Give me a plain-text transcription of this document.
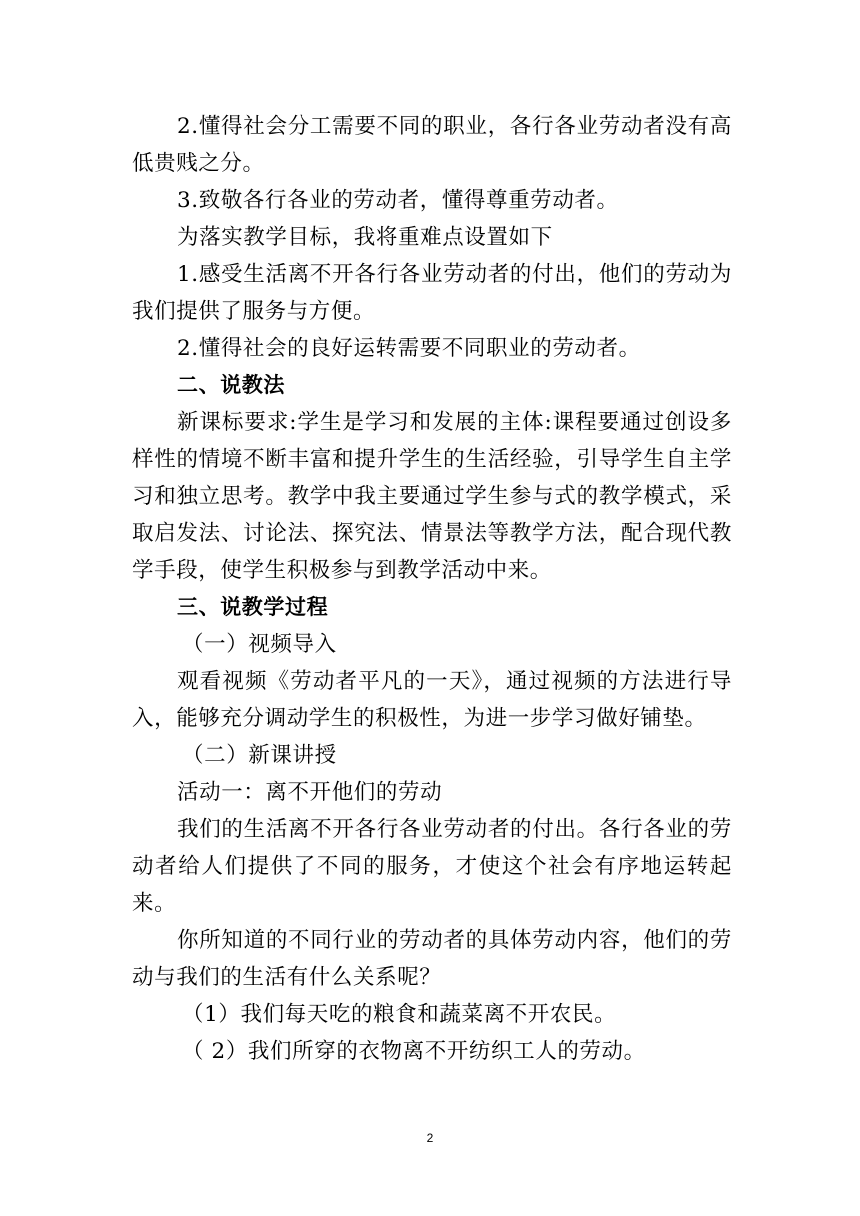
2.懂得社会分工需要不同的职业，各行各业劳动者没有高低贵贱之分。

3.致敬各行各业的劳动者，懂得尊重劳动者。

为落实教学目标，我将重难点设置如下

1.感受生活离不开各行各业劳动者的付出，他们的劳动为我们提供了服务与方便。

2.懂得社会的良好运转需要不同职业的劳动者。

二、说教法

新课标要求:学生是学习和发展的主体:课程要通过创设多样性的情境不断丰富和提升学生的生活经验，引导学生自主学习和独立思考。教学中我主要通过学生参与式的教学模式，采取启发法、讨论法、探究法、情景法等教学方法，配合现代教学手段，使学生积极参与到教学活动中来。

三、说教学过程

（一）视频导入

观看视频《劳动者平凡的一天》，通过视频的方法进行导入，能够充分调动学生的积极性，为进一步学习做好铺垫。

（二）新课讲授

活动一：离不开他们的劳动

我们的生活离不开各行各业劳动者的付出。各行各业的劳动者给人们提供了不同的服务，才使这个社会有序地运转起来。

你所知道的不同行业的劳动者的具体劳动内容，他们的劳动与我们的生活有什么关系呢？

（1）我们每天吃的粮食和蔬菜离不开农民。

（ 2）我们所穿的衣物离不开纺织工人的劳动。

2
